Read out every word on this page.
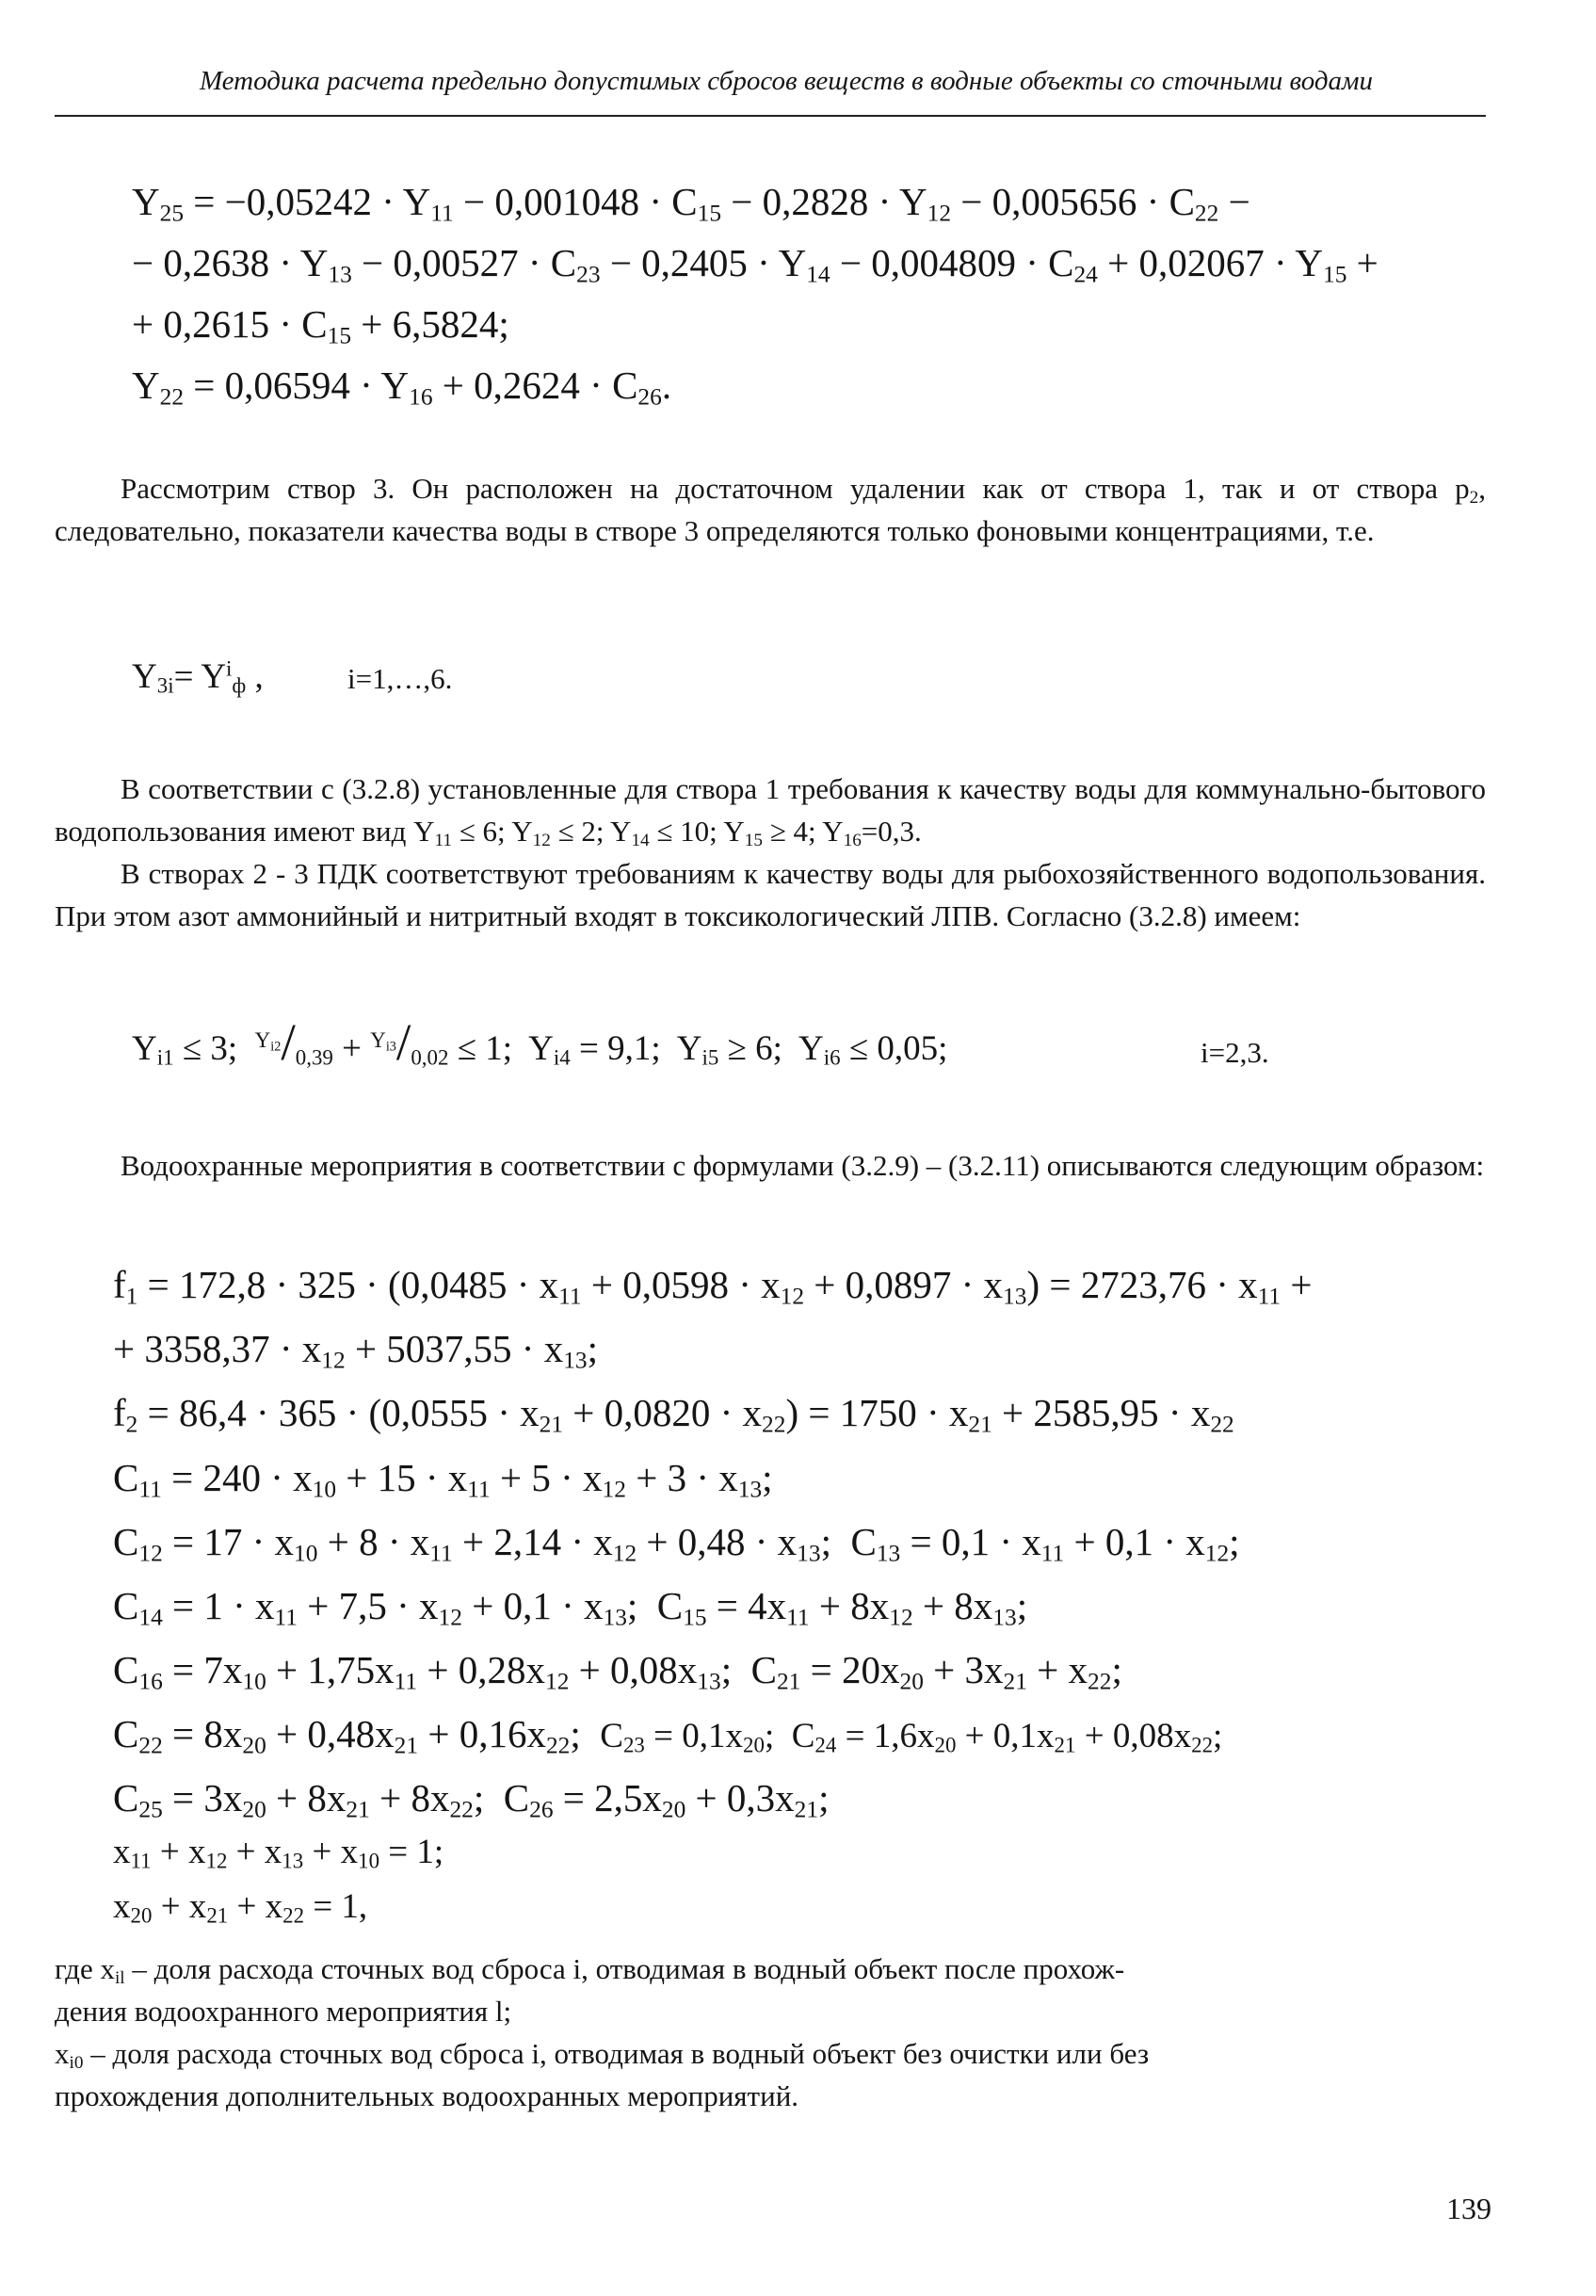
Методика расчета предельно допустимых сбросов веществ в водные объекты со сточными водами
$Y_{25} = -0,05242 \cdot Y_{11} - 0,001048 \cdot C_{15} - 0,2828 \cdot Y_{12} - 0,005656 \cdot C_{22}$ −
− $0,2638 \cdot Y_{13} - 0,00527 \cdot C_{23} - 0,2405 \cdot Y_{14} - 0,004809 \cdot C_{24} + 0,02067 \cdot Y_{15}$ +
+ $0,2615 \cdot C_{15} + 6,5824$;
$Y_{22} = 0,06594 \cdot Y_{16} + 0,2624 \cdot C_{26}$.
Рассмотрим створ 3. Он расположен на достаточном удалении как от створа 1, так и от створа $p_2$, следовательно, показатели качества воды в створе 3 определяются только фоновыми концентрациями, т.е.
$Y_{3i}= Y^i_ф$ ,	i=1,…,6.
В соответствии с (3.2.8) установленные для створа 1 требования к качеству воды для коммунально-бытового водопользования имеют вид $Y_{11} \le 6$; $Y_{12} \le 2$; $Y_{14} \le 10$; $Y_{15} \ge 4$; $Y_{16}=0,3$.
В створах 2 - 3 ПДК соответствуют требованиям к качеству воды для рыбохозяйственного водопользования. При этом азот аммонийный и нитритный входят в токсикологический ЛПВ. Согласно (3.2.8) имеем:
$Y_{i1} \le 3$;  $^{Y_{i2}}/_{0,39} + ^{Y_{i3}}/_{0,02} \le 1$;  $Y_{i4} = 9,1$;  $Y_{i5} \ge 6$;  $Y_{i6} \le 0,05$;	i=2,3.
Водоохранные мероприятия в соответствии с формулами (3.2.9) – (3.2.11) описываются следующим образом:
$f_1 = 172,8 \cdot 325 \cdot (0,0485 \cdot x_{11} + 0,0598 \cdot x_{12} + 0,0897 \cdot x_{13}) = 2723,76 \cdot x_{11}$ +
+ $3358,37 \cdot x_{12} + 5037,55 \cdot x_{13}$;
$f_2 = 86,4 \cdot 365 \cdot (0,0555 \cdot x_{21} + 0,0820 \cdot x_{22}) = 1750 \cdot x_{21} + 2585,95 \cdot x_{22}$
$C_{11} = 240 \cdot x_{10} + 15 \cdot x_{11} + 5 \cdot x_{12} + 3 \cdot x_{13}$;
$C_{12} = 17 \cdot x_{10} + 8 \cdot x_{11} + 2,14 \cdot x_{12} + 0,48 \cdot x_{13}$;  $C_{13} = 0,1 \cdot x_{11} + 0,1 \cdot x_{12}$;
$C_{14} = 1 \cdot x_{11} + 7,5 \cdot x_{12} + 0,1 \cdot x_{13}$;  $C_{15} = 4x_{11} + 8x_{12} + 8x_{13}$;
$C_{16} = 7x_{10} + 1,75x_{11} + 0,28x_{12} + 0,08x_{13}$;  $C_{21} = 20x_{20} + 3x_{21} + x_{22}$;
$C_{22} = 8x_{20} + 0,48x_{21} + 0,16x_{22}$;  $C_{23} = 0,1x_{20}$;  $C_{24} = 1,6x_{20} + 0,1x_{21} + 0,08x_{22}$;
$C_{25} = 3x_{20} + 8x_{21} + 8x_{22}$;  $C_{26} = 2,5x_{20} + 0,3x_{21}$;
$x_{11} + x_{12} + x_{13} + x_{10} = 1$;
$x_{20} + x_{21} + x_{22} = 1$,
где $x_{il}$ – доля расхода сточных вод сброса i, отводимая в водный объект после прохож-
дения водоохранного мероприятия l;
$x_{i0}$ – доля расхода сточных вод сброса i, отводимая в водный объект без очистки или без
прохождения дополнительных водоохранных мероприятий.
139
